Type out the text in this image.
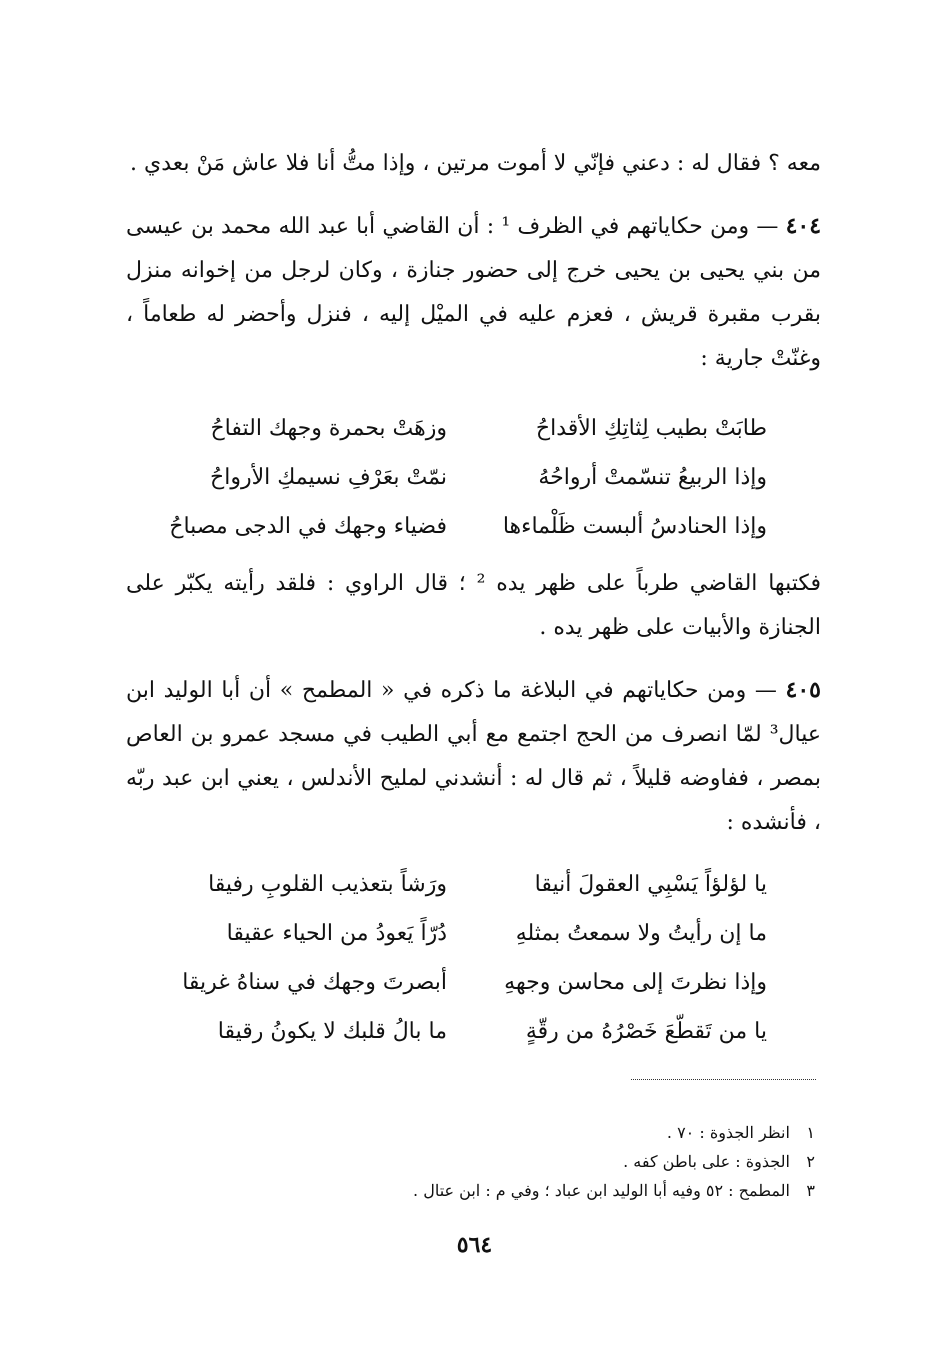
معه ؟ فقال له : دعني فإنّي لا أموت مرتين ، وإذا متُّ أنا فلا عاش مَنْ بعدي .

٤٠٤ — ومن حكاياتهم في الظرف ¹ : أن القاضي أبا عبد الله محمد بن عيسى من بني يحيى بن يحيى خرج إلى حضور جنازة ، وكان لرجل من إخوانه منزل بقرب مقبرة قريش ، فعزم عليه في الميْل إليه ، فنزل وأحضر له طعاماً ، وغنّتْ جارية :

طابَتْ بطيب لِثاتِكِ الأقداحُ
وزهَتْ بحمرة وجهك التفاحُ
وإذا الربيعُ تنسّمتْ أرواحُهُ
نمّتْ بعَرْفِ نسيمكِ الأرواحُ
وإذا الحنادسُ ألبست ظَلْماءها
فضياء وجهك في الدجى مصباحُ

فكتبها القاضي طرباً على ظهر يده ² ؛ قال الراوي : فلقد رأيته يكبّر على الجنازة والأبيات على ظهر يده .

٤٠٥ — ومن حكاياتهم في البلاغة ما ذكره في « المطمح » أن أبا الوليد ابن عيال³ لمّا انصرف من الحج اجتمع مع أبي الطيب في مسجد عمرو بن العاص بمصر ، ففاوضه قليلاً ، ثم قال له : أنشدني لمليح الأندلس ، يعني ابن عبد ربّه ، فأنشده :

يا لؤلؤاً يَسْبِي العقولَ أنيقا
ورَشاً بتعذيب القلوبِ رفيقا
ما إن رأيتُ ولا سمعتُ بمثلهِ
دُرّاً يَعودُ من الحياء عقيقا
وإذا نظرتَ إلى محاسن وجههِ
أبصرتَ وجهك في سناهُ غريقا
يا من تَقطّعَ خَصْرُهُ من رقّةٍ
ما بالُ قلبك لا يكونُ رقيقا
١ انظر الجذوة : ٧٠ .
٢ الجذوة : على باطن كفه .
٣ المطمح : ٥٢ وفيه أبا الوليد ابن عباد ؛ وفي م : ابن عتال .
٥٦٤
